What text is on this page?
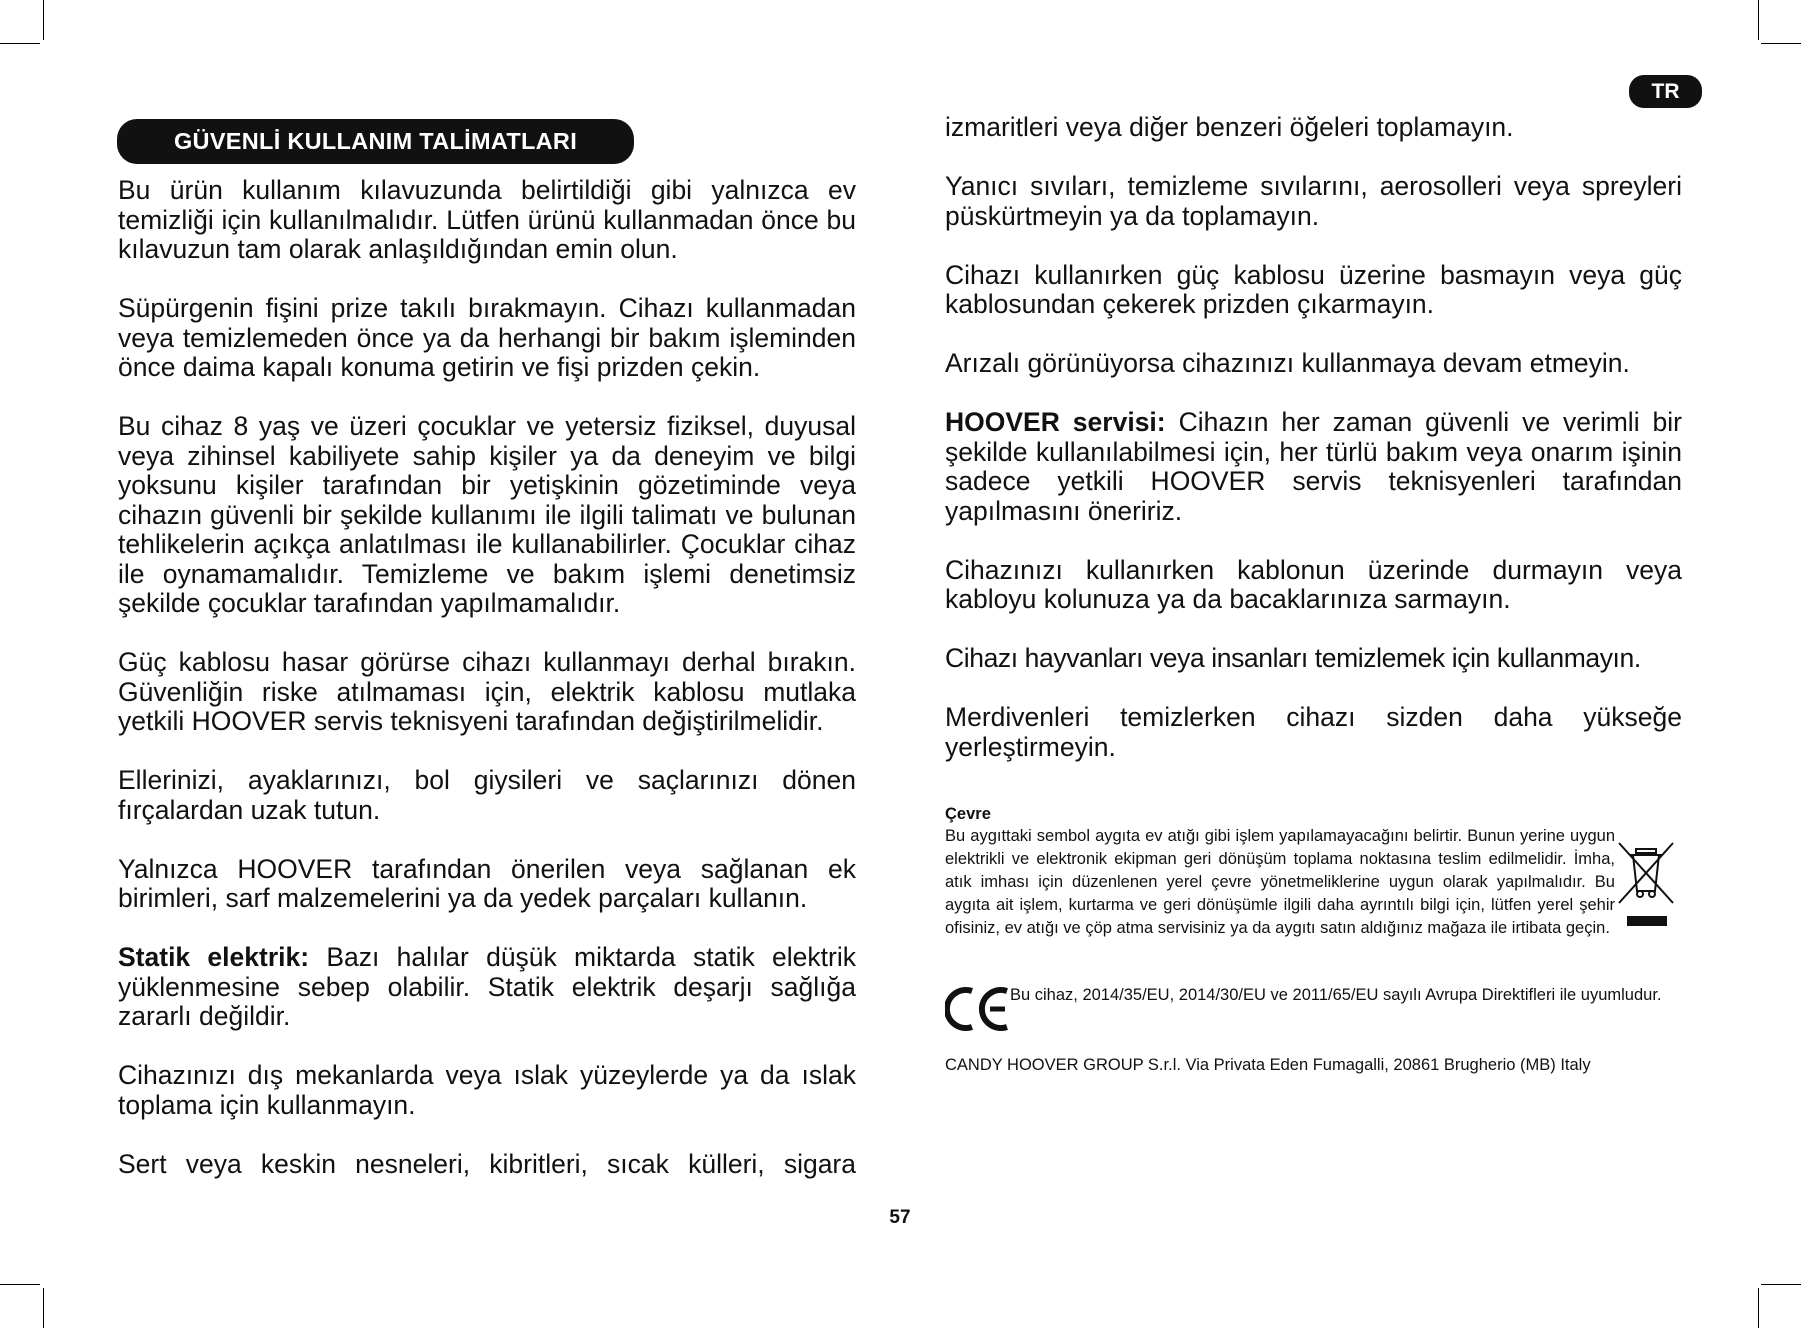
TR
GÜVENLİ KULLANIM TALİMATLARI

Bu ürün kullanım kılavuzunda belirtildiği gibi yalnızca ev temizliği için kullanılmalıdır. Lütfen ürünü kullanmadan önce bu kılavuzun tam olarak anlaşıldığından emin olun.

Süpürgenin fişini prize takılı bırakmayın. Cihazı kullanmadan veya temizlemeden önce ya da herhangi bir bakım işleminden önce daima kapalı konuma getirin ve fişi prizden çekin.

Bu cihaz 8 yaş ve üzeri çocuklar ve yetersiz fiziksel, duyusal veya zihinsel kabiliyete sahip kişiler ya da deneyim ve bilgi yoksunu kişiler tarafından bir yetişkinin gözetiminde veya cihazın güvenli bir şekilde kullanımı ile ilgili talimatı ve bulunan tehlikelerin açıkça anlatılması ile kullanabilirler. Çocuklar cihaz ile oynamamalıdır. Temizleme ve bakım işlemi denetimsiz şekilde çocuklar tarafından yapılmamalıdır.

Güç kablosu hasar görürse cihazı kullanmayı derhal bırakın. Güvenliğin riske atılmaması için, elektrik kablosu mutlaka yetkili HOOVER servis teknisyeni tarafından değiştirilmelidir.

Ellerinizi, ayaklarınızı, bol giysileri ve saçlarınızı dönen fırçalardan uzak tutun.

Yalnızca HOOVER tarafından önerilen veya sağlanan ek birimleri, sarf malzemelerini ya da yedek parçaları kullanın.

Statik elektrik: Bazı halılar düşük miktarda statik elektrik yüklenmesine sebep olabilir. Statik elektrik deşarjı sağlığa zararlı değildir.

Cihazınızı dış mekanlarda veya ıslak yüzeylerde ya da ıslak toplama için kullanmayın.

Sert veya keskin nesneleri, kibritleri, sıcak külleri, sigara

izmaritleri veya diğer benzeri öğeleri toplamayın.

Yanıcı sıvıları, temizleme sıvılarını, aerosolleri veya spreyleri püskürtmeyin ya da toplamayın.

Cihazı kullanırken güç kablosu üzerine basmayın veya güç kablosundan çekerek prizden çıkarmayın.

Arızalı görünüyorsa cihazınızı kullanmaya devam etmeyin.

HOOVER servisi: Cihazın her zaman güvenli ve verimli bir şekilde kullanılabilmesi için, her türlü bakım veya onarım işinin sadece yetkili HOOVER servis teknisyenleri tarafından yapılmasını öneririz.

Cihazınızı kullanırken kablonun üzerinde durmayın veya kabloyu kolunuza ya da bacaklarınıza sarmayın.

Cihazı hayvanları veya insanları temizlemek için kullanmayın.

Merdivenleri temizlerken cihazı sizden daha yükseğe yerleştirmeyin.

Çevre
Bu aygıttaki sembol aygıta ev atığı gibi işlem yapılamayacağını belirtir. Bunun yerine uygun elektrikli ve elektronik ekipman geri dönüşüm toplama noktasına teslim edilmelidir. İmha, atık imhası için düzenlenen yerel çevre yönetmeliklerine uygun olarak yapılmalıdır. Bu aygıta ait işlem, kurtarma ve geri dönüşümle ilgili daha ayrıntılı bilgi için, lütfen yerel şehir ofisiniz, ev atığı ve çöp atma servisiniz ya da aygıtı satın aldığınız mağaza ile irtibata geçin.
Bu cihaz, 2014/35/EU, 2014/30/EU ve 2011/65/EU sayılı Avrupa Direktifleri ile uyumludur.
CANDY HOOVER GROUP S.r.l. Via Privata Eden Fumagalli, 20861 Brugherio (MB) Italy
57
